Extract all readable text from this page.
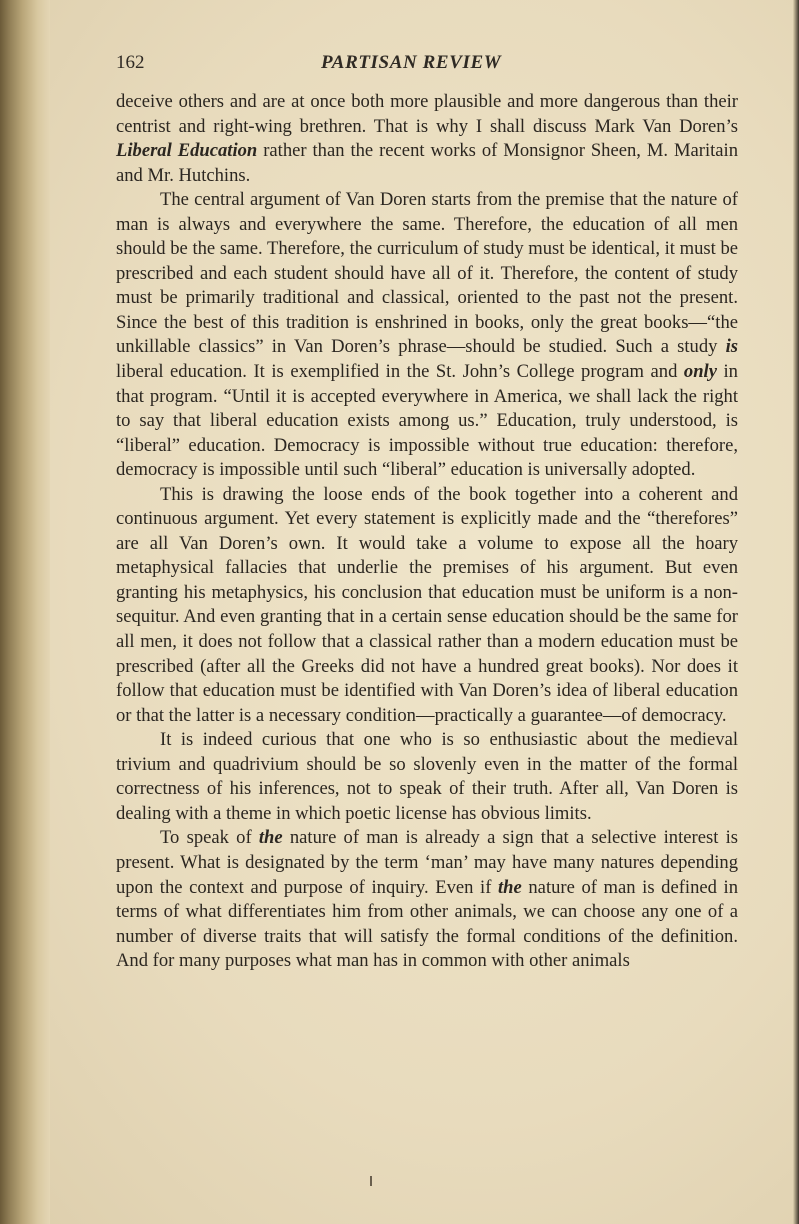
162	PARTISAN REVIEW

deceive others and are at once both more plausible and more dangerous than their centrist and right-wing brethren. That is why I shall discuss Mark Van Doren’s Liberal Education rather than the recent works of Monsignor Sheen, M. Maritain and Mr. Hutchins.

The central argument of Van Doren starts from the premise that the nature of man is always and everywhere the same. Therefore, the education of all men should be the same. Therefore, the curriculum of study must be identical, it must be prescribed and each student should have all of it. Therefore, the content of study must be primarily traditional and classical, oriented to the past not the present. Since the best of this tradition is enshrined in books, only the great books—“the unkillable classics” in Van Doren’s phrase—should be studied. Such a study is liberal education. It is exemplified in the St. John’s College program and only in that program. “Until it is accepted everywhere in America, we shall lack the right to say that liberal education exists among us.” Education, truly understood, is “liberal” education. Democracy is impossible without true education: therefore, democracy is impossible until such “liberal” education is universally adopted.

This is drawing the loose ends of the book together into a coherent and continuous argument. Yet every statement is explicitly made and the “therefores” are all Van Doren’s own. It would take a volume to expose all the hoary metaphysical fallacies that underlie the premises of his argument. But even granting his metaphysics, his conclusion that education must be uniform is a non-sequitur. And even granting that in a certain sense education should be the same for all men, it does not follow that a classical rather than a modern education must be prescribed (after all the Greeks did not have a hundred great books). Nor does it follow that education must be identified with Van Doren’s idea of liberal education or that the latter is a necessary condition—practically a guarantee—of democracy.

It is indeed curious that one who is so enthusiastic about the medieval trivium and quadrivium should be so slovenly even in the matter of the formal correctness of his inferences, not to speak of their truth. After all, Van Doren is dealing with a theme in which poetic license has obvious limits.

To speak of the nature of man is already a sign that a selective interest is present. What is designated by the term ‘man’ may have many natures depending upon the context and purpose of inquiry. Even if the nature of man is defined in terms of what differentiates him from other animals, we can choose any one of a number of diverse traits that will satisfy the formal conditions of the definition. And for many purposes what man has in common with other animals
